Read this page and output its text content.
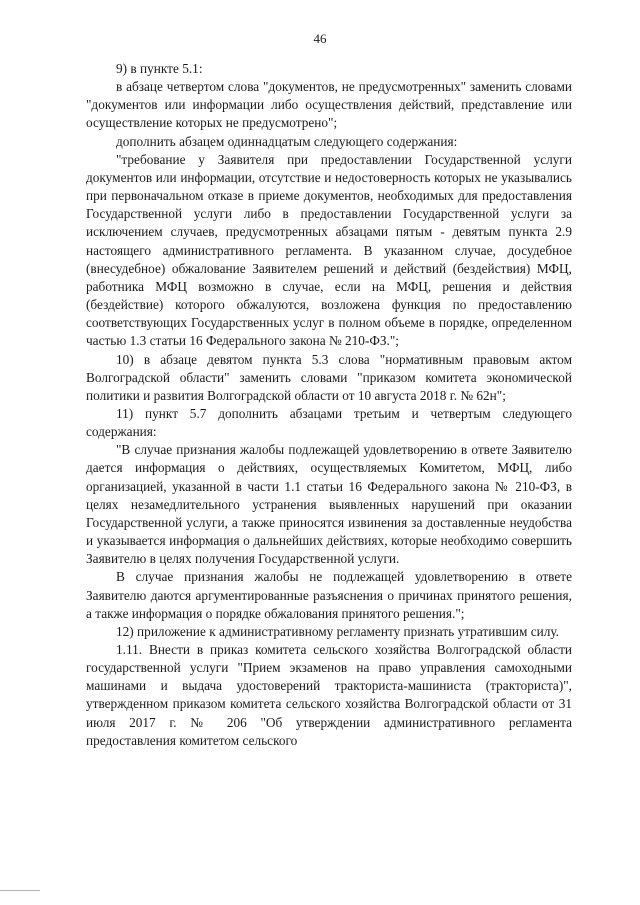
46

9) в пункте 5.1:

в абзаце четвертом слова "документов, не предусмотренных" заменить словами "документов или информации либо осуществления действий, представление или осуществление которых не предусмотрено";

дополнить абзацем одиннадцатым следующего содержания:

"требование у Заявителя при предоставлении Государственной услуги документов или информации, отсутствие и недостоверность которых не указывались при первоначальном отказе в приеме документов, необходимых для предоставления Государственной услуги либо в предоставлении Государственной услуги за исключением случаев, предусмотренных абзацами пятым - девятым пункта 2.9 настоящего административного регламента. В указанном случае, досудебное (внесудебное) обжалование Заявителем решений и действий (бездействия) МФЦ, работника МФЦ возможно в случае, если на МФЦ, решения и действия (бездействие) которого обжалуются, возложена функция по предоставлению соответствующих Государственных услуг в полном объеме в порядке, определенном частью 1.3 статьи 16 Федерального закона № 210-ФЗ.";

10) в абзаце девятом пункта 5.3 слова "нормативным правовым актом Волгоградской области" заменить словами "приказом комитета экономической политики и развития Волгоградской области от 10 августа 2018 г. № 62н";

11) пункт 5.7 дополнить абзацами третьим и четвертым следующего содержания:

"В случае признания жалобы подлежащей удовлетворению в ответе Заявителю дается информация о действиях, осуществляемых Комитетом, МФЦ, либо организацией, указанной в части 1.1 статьи 16 Федерального закона № 210-ФЗ, в целях незамедлительного устранения выявленных нарушений при оказании Государственной услуги, а также приносятся извинения за доставленные неудобства и указывается информация о дальнейших действиях, которые необходимо совершить Заявителю в целях получения Государственной услуги.

В случае признания жалобы не подлежащей удовлетворению в ответе Заявителю даются аргументированные разъяснения о причинах принятого решения, а также информация о порядке обжалования принятого решения.";

12) приложение к административному регламенту признать утратившим силу.

1.11. Внести в приказ комитета сельского хозяйства Волгоградской области государственной услуги "Прием экзаменов на право управления самоходными машинами и выдача удостоверений тракториста-машиниста (тракториста)", утвержденном приказом комитета сельского хозяйства Волгоградской области от 31 июля 2017 г. № 206 "Об утверждении административного регламента предоставления комитетом сельского
